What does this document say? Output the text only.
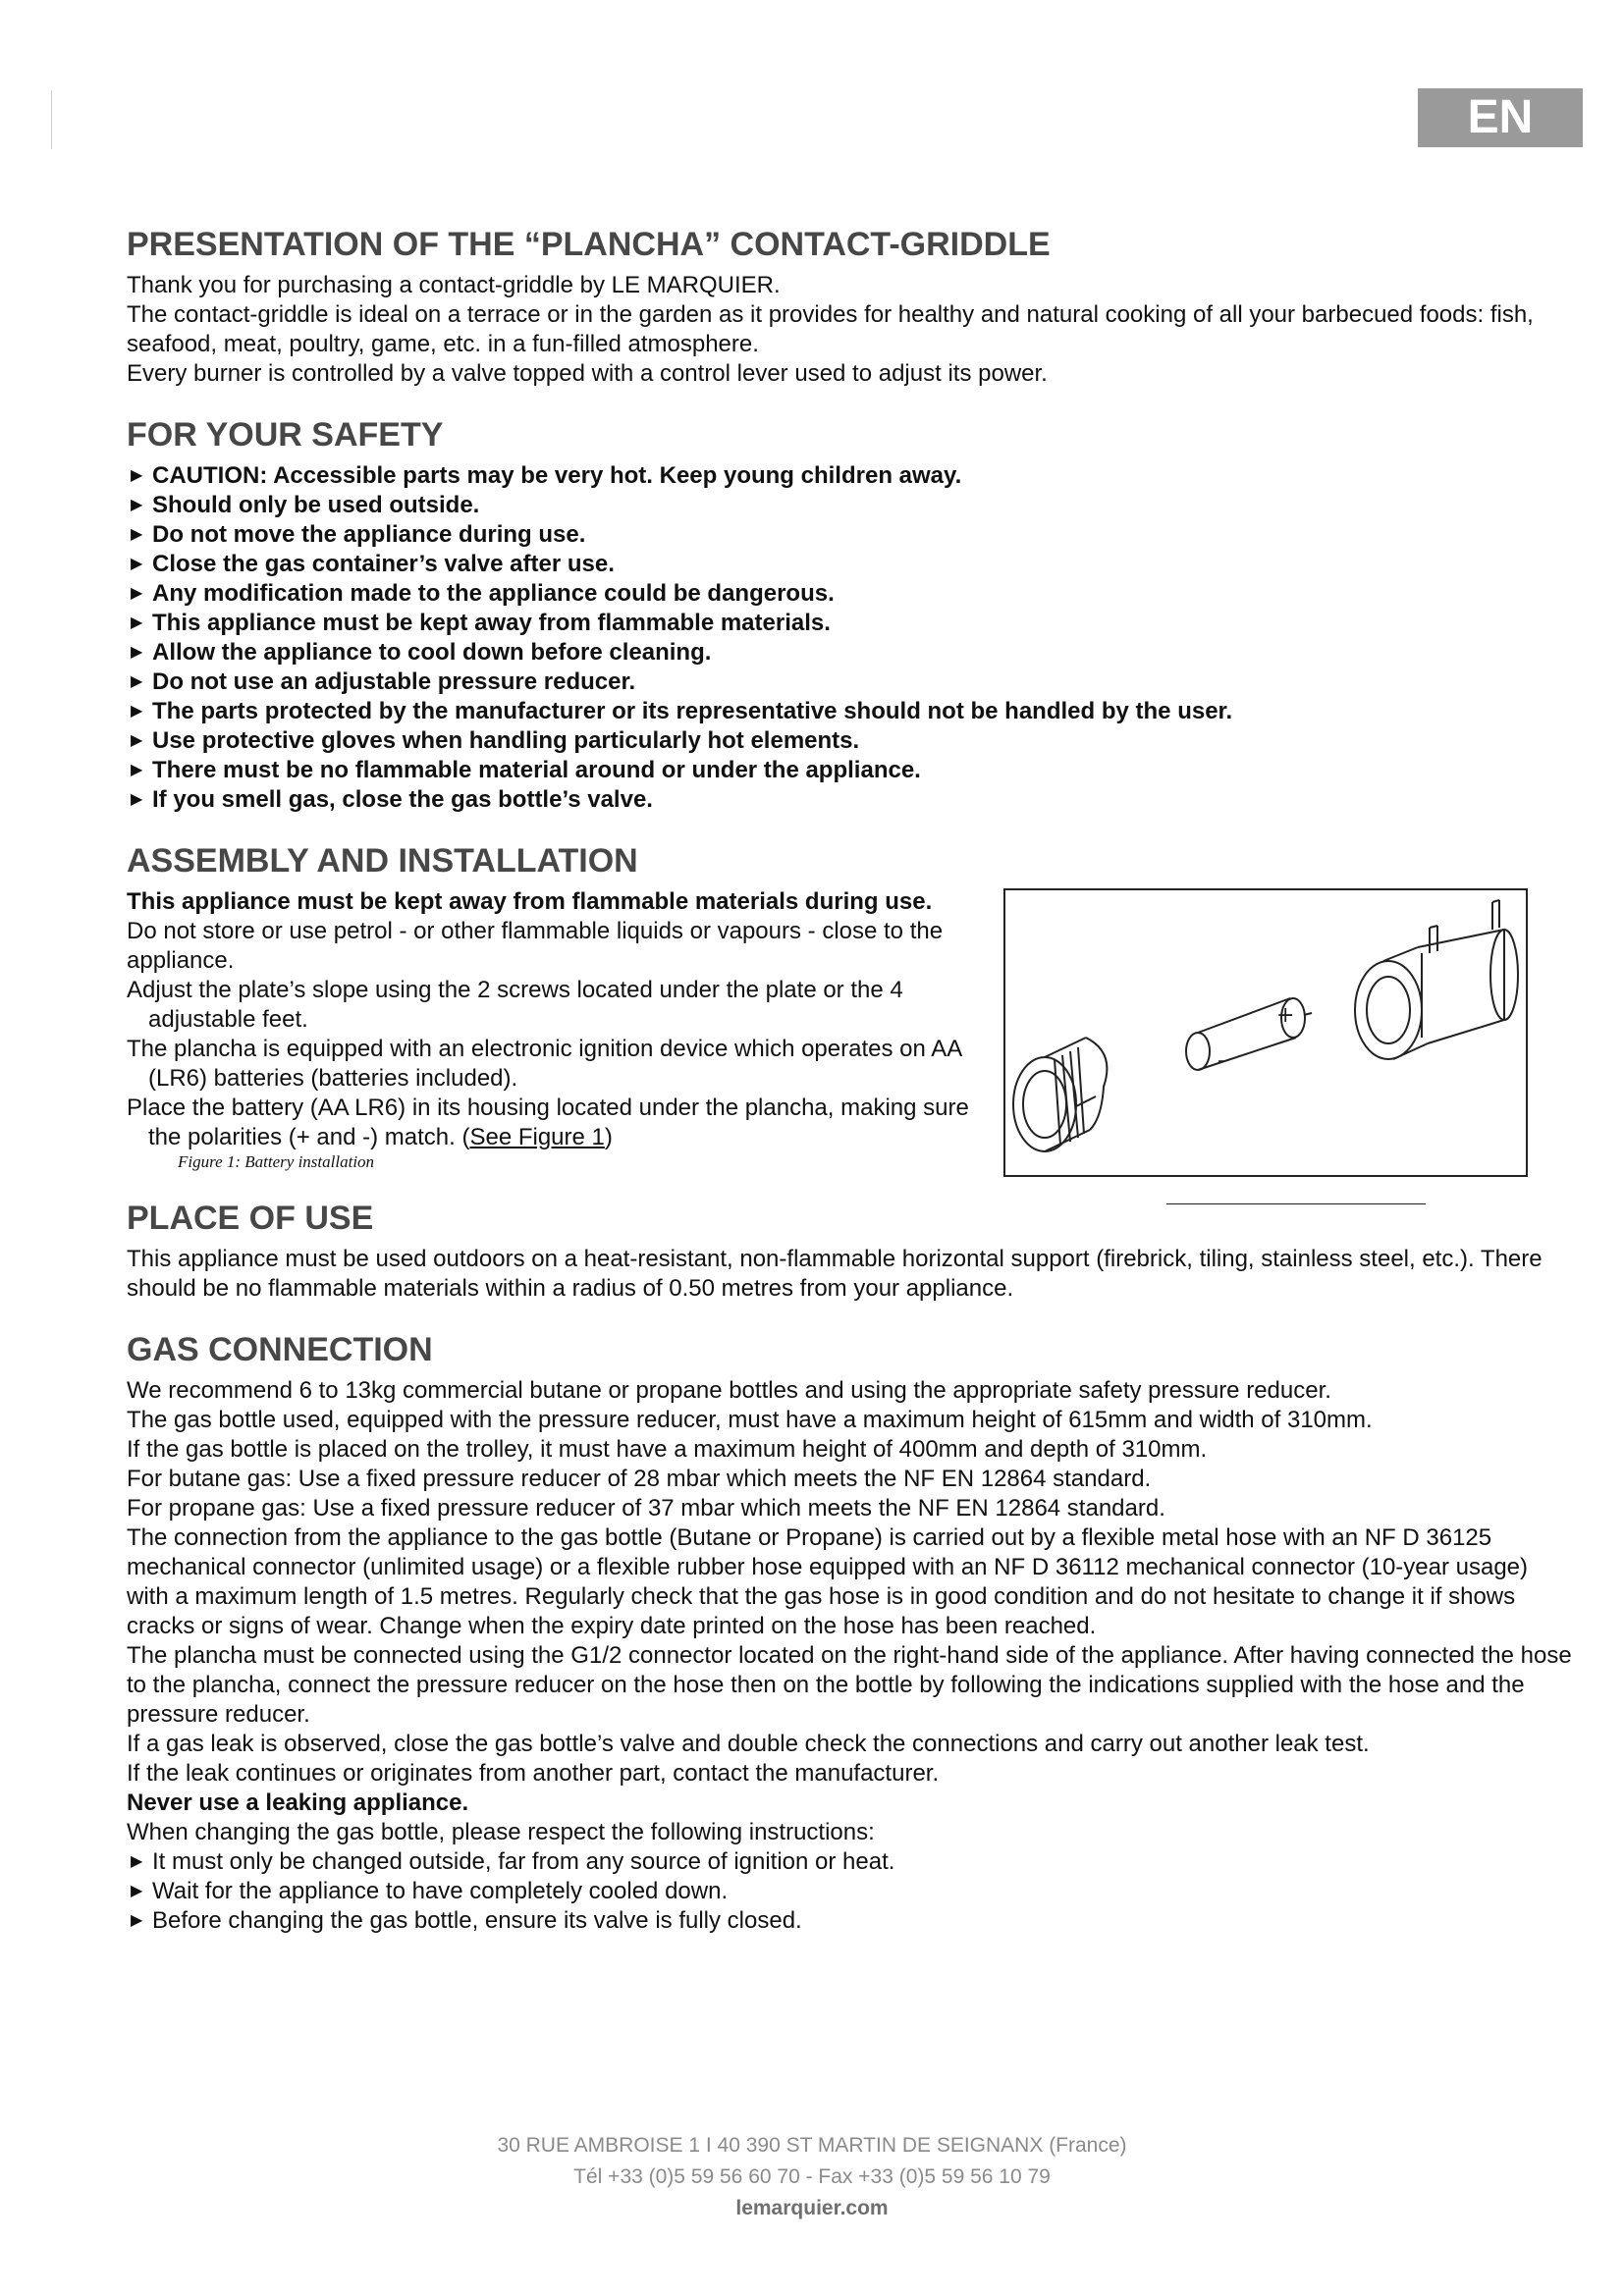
EN
PRESENTATION OF THE “PLANCHA” CONTACT-GRIDDLE

Thank you for purchasing a contact-griddle by LE MARQUIER.

The contact-griddle is ideal on a terrace or in the garden as it provides for healthy and natural cooking of all your barbecued foods: fish, seafood, meat, poultry, game, etc. in a fun-filled atmosphere.

Every burner is controlled by a valve topped with a control lever used to adjust its power.

FOR YOUR SAFETY
▶ CAUTION: Accessible parts may be very hot. Keep young children away.
▶ Should only be used outside.
▶ Do not move the appliance during use.
▶ Close the gas container’s valve after use.
▶ Any modification made to the appliance could be dangerous.
▶ This appliance must be kept away from flammable materials.
▶ Allow the appliance to cool down before cleaning.
▶ Do not use an adjustable pressure reducer.
▶ The parts protected by the manufacturer or its representative should not be handled by the user.
▶ Use protective gloves when handling particularly hot elements.
▶ There must be no flammable material around or under the appliance.
▶ If you smell gas, close the gas bottle’s valve.
ASSEMBLY AND INSTALLATION

This appliance must be kept away from flammable materials during use.

Do not store or use petrol - or other flammable liquids or vapours - close to the appliance.

Adjust the plate’s slope using the 2 screws located under the plate or the 4 adjustable feet.

The plancha is equipped with an electronic ignition device which operates on AA (LR6) batteries (batteries included).

Place the battery (AA LR6) in its housing located under the plancha, making sure the polarities (+ and -) match. (See Figure 1)

Figure 1: Battery installation
PLACE OF USE

This appliance must be used outdoors on a heat-resistant, non-flammable horizontal support (firebrick, tiling, stainless steel, etc.). There should be no flammable materials within a radius of 0.50 metres from your appliance.

GAS CONNECTION

We recommend 6 to 13kg commercial butane or propane bottles and using the appropriate safety pressure reducer.

The gas bottle used, equipped with the pressure reducer, must have a maximum height of 615mm and width of 310mm.

If the gas bottle is placed on the trolley, it must have a maximum height of 400mm and depth of 310mm.

For butane gas: Use a fixed pressure reducer of 28 mbar which meets the NF EN 12864 standard.

For propane gas: Use a fixed pressure reducer of 37 mbar which meets the NF EN 12864 standard.

The connection from the appliance to the gas bottle (Butane or Propane) is carried out by a flexible metal hose with an NF D 36125 mechanical connector (unlimited usage) or a flexible rubber hose equipped with an NF D 36112 mechanical connector (10-year usage) with a maximum length of 1.5 metres. Regularly check that the gas hose is in good condition and do not hesitate to change it if shows cracks or signs of wear. Change when the expiry date printed on the hose has been reached.

The plancha must be connected using the G1/2 connector located on the right-hand side of the appliance. After having connected the hose to the plancha, connect the pressure reducer on the hose then on the bottle by following the indications supplied with the hose and the pressure reducer.

If a gas leak is observed, close the gas bottle’s valve and double check the connections and carry out another leak test.

If the leak continues or originates from another part, contact the manufacturer.

Never use a leaking appliance.

When changing the gas bottle, please respect the following instructions:

▶ It must only be changed outside, far from any source of ignition or heat.
▶ Wait for the appliance to have completely cooled down.
▶ Before changing the gas bottle, ensure its valve is fully closed.
+
-
30 RUE AMBROISE 1 I 40 390 ST MARTIN DE SEIGNANX (France)
Tél +33 (0)5 59 56 60 70 - Fax +33 (0)5 59 56 10 79
lemarquier.com
